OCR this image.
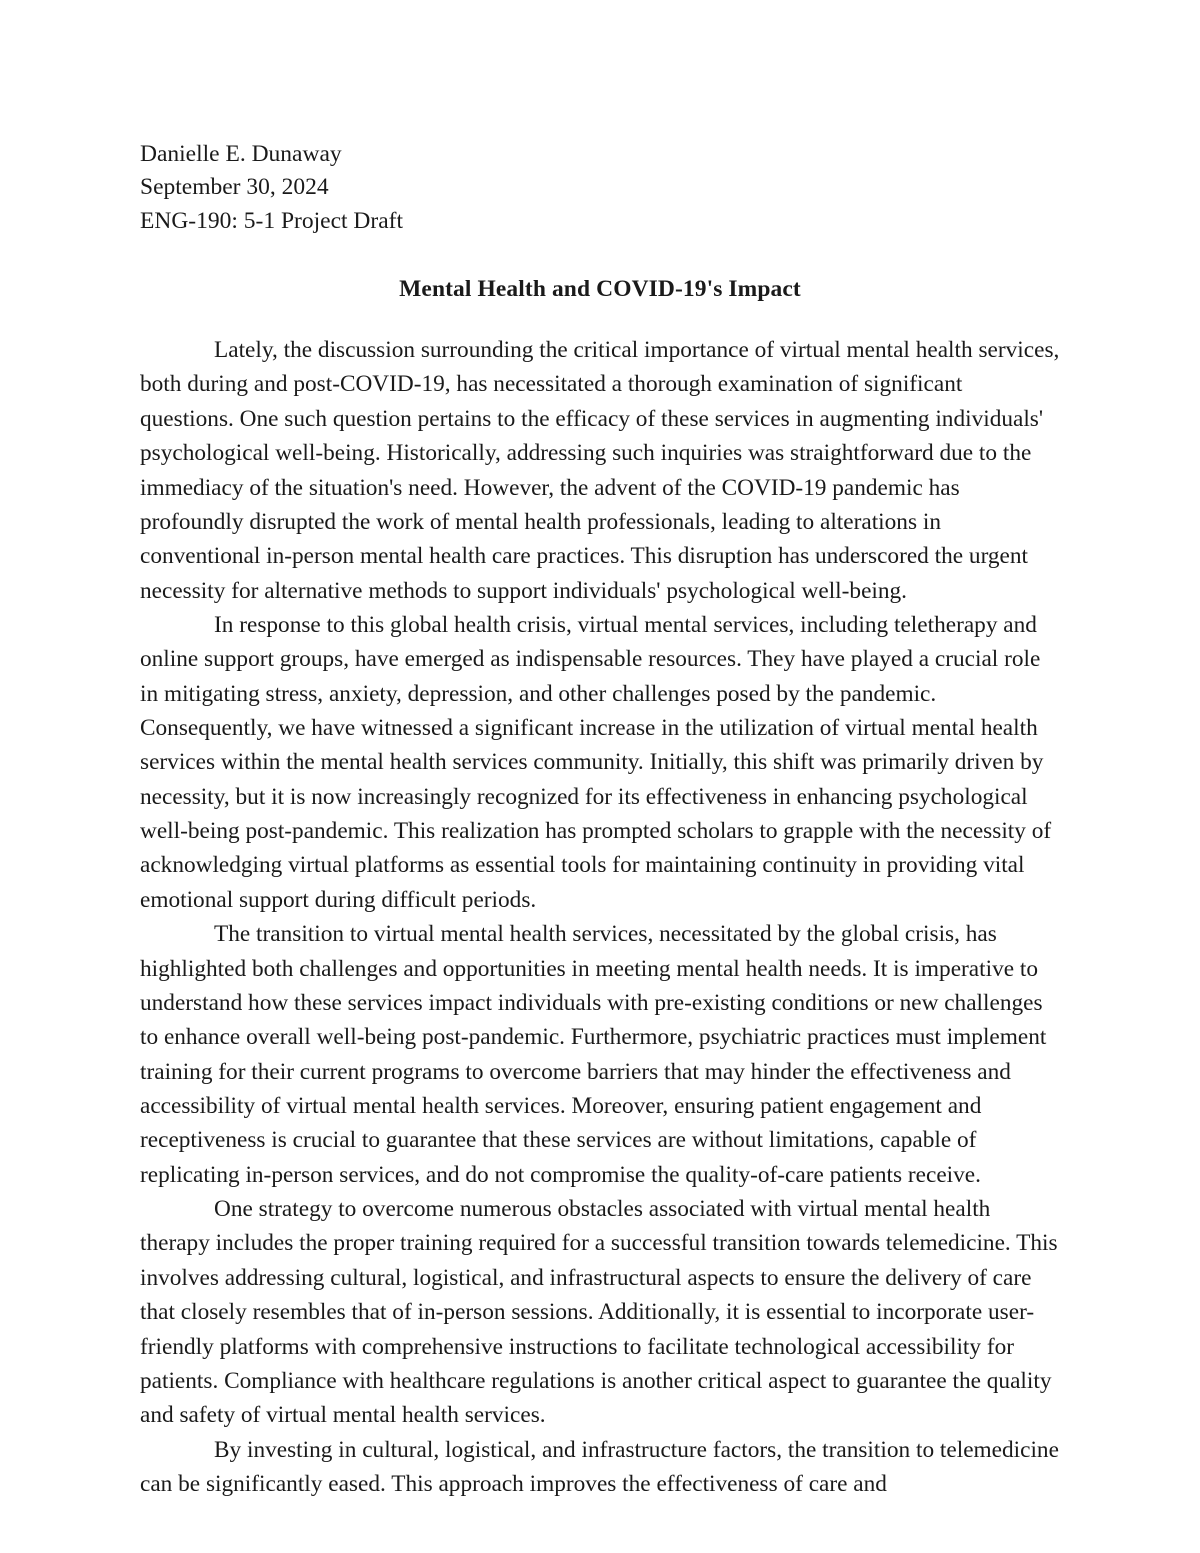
Danielle E. Dunaway
September 30, 2024
ENG-190: 5-1 Project Draft
Mental Health and COVID-19's Impact

Lately, the discussion surrounding the critical importance of virtual mental health services, both during and post-COVID-19, has necessitated a thorough examination of significant questions. One such question pertains to the efficacy of these services in augmenting individuals' psychological well-being. Historically, addressing such inquiries was straightforward due to the immediacy of the situation's need. However, the advent of the COVID-19 pandemic has profoundly disrupted the work of mental health professionals, leading to alterations in conventional in-person mental health care practices. This disruption has underscored the urgent necessity for alternative methods to support individuals' psychological well-being.

In response to this global health crisis, virtual mental services, including teletherapy and online support groups, have emerged as indispensable resources. They have played a crucial role in mitigating stress, anxiety, depression, and other challenges posed by the pandemic. Consequently, we have witnessed a significant increase in the utilization of virtual mental health services within the mental health services community. Initially, this shift was primarily driven by necessity, but it is now increasingly recognized for its effectiveness in enhancing psychological well-being post-pandemic. This realization has prompted scholars to grapple with the necessity of acknowledging virtual platforms as essential tools for maintaining continuity in providing vital emotional support during difficult periods.

The transition to virtual mental health services, necessitated by the global crisis, has highlighted both challenges and opportunities in meeting mental health needs. It is imperative to understand how these services impact individuals with pre-existing conditions or new challenges to enhance overall well-being post-pandemic. Furthermore, psychiatric practices must implement training for their current programs to overcome barriers that may hinder the effectiveness and accessibility of virtual mental health services. Moreover, ensuring patient engagement and receptiveness is crucial to guarantee that these services are without limitations, capable of replicating in-person services, and do not compromise the quality-of-care patients receive.

One strategy to overcome numerous obstacles associated with virtual mental health therapy includes the proper training required for a successful transition towards telemedicine. This involves addressing cultural, logistical, and infrastructural aspects to ensure the delivery of care that closely resembles that of in-person sessions. Additionally, it is essential to incorporate user-friendly platforms with comprehensive instructions to facilitate technological accessibility for patients. Compliance with healthcare regulations is another critical aspect to guarantee the quality and safety of virtual mental health services.

By investing in cultural, logistical, and infrastructure factors, the transition to telemedicine can be significantly eased. This approach improves the effectiveness of care and
